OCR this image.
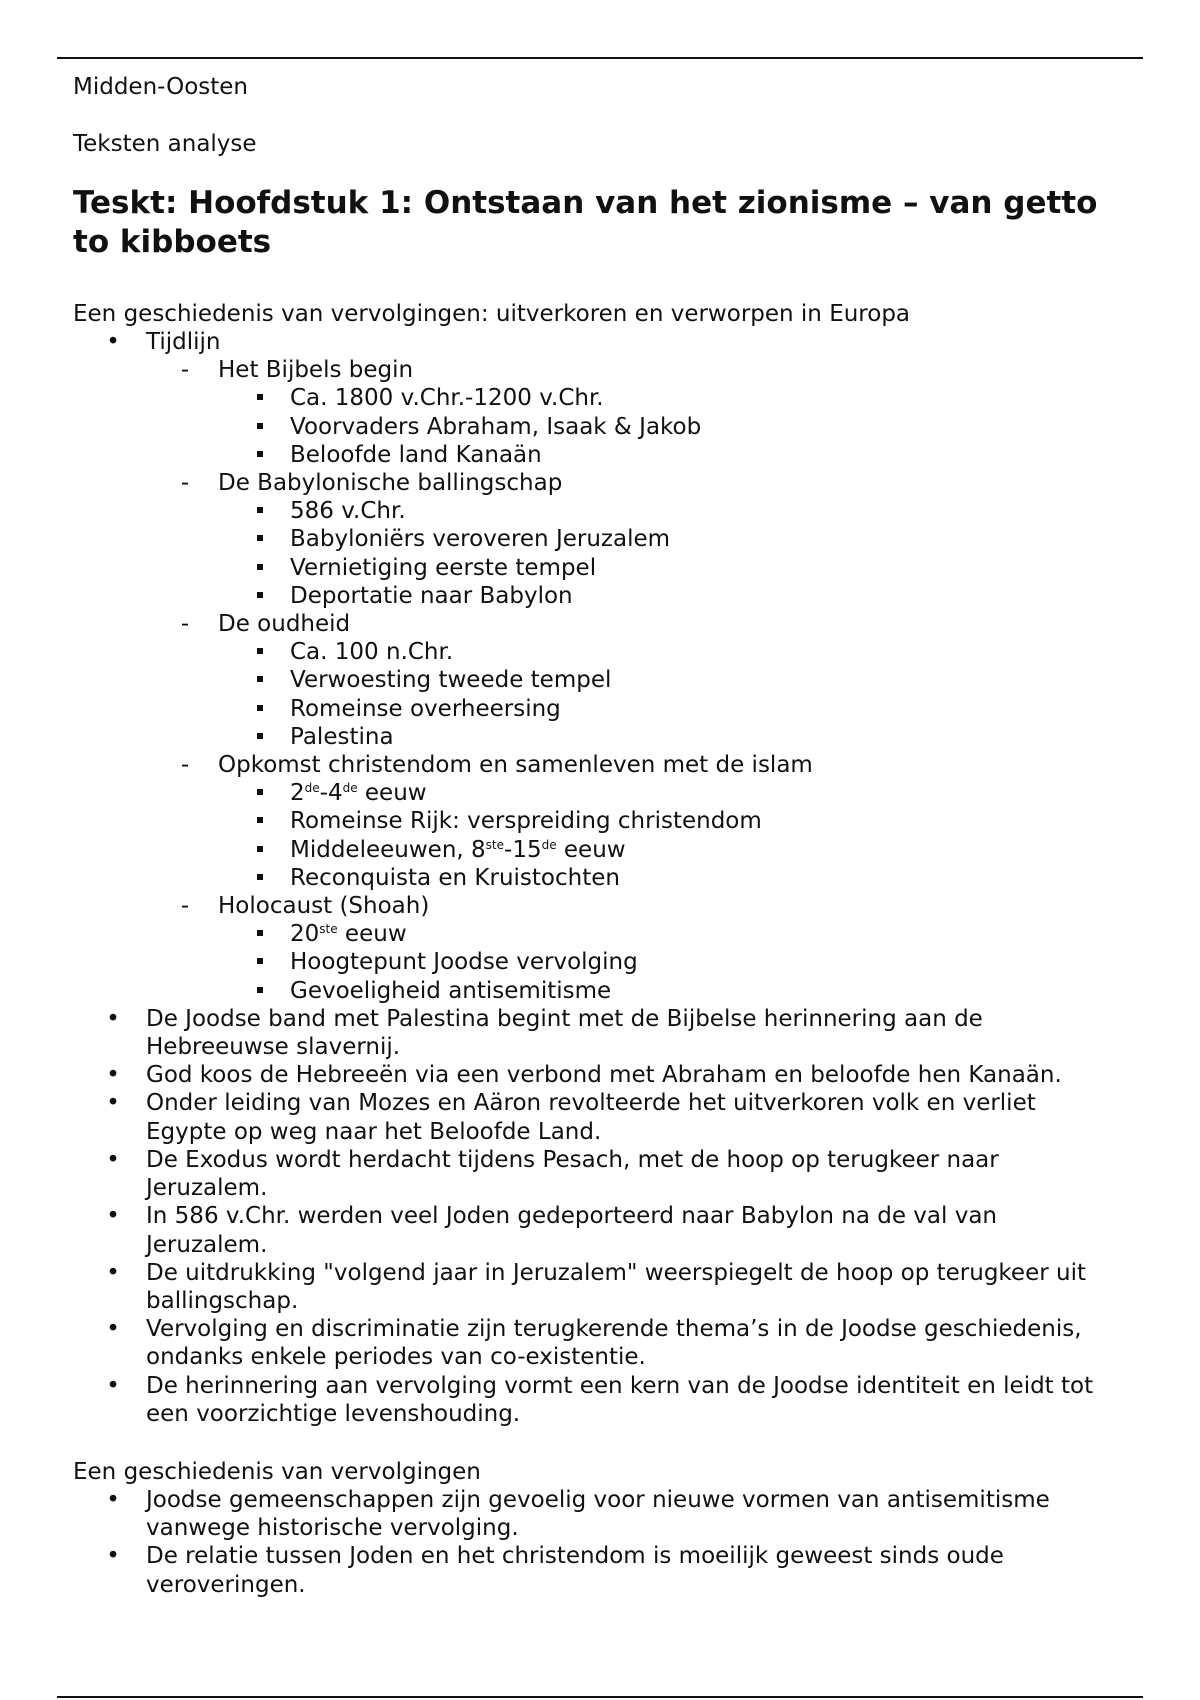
Midden-Oosten
Teksten analyse
Teskt: Hoofdstuk 1: Ontstaan van het zionisme – van getto to kibboets
Een geschiedenis van vervolgingen: uitverkoren en verworpen in Europa
•	Tijdlijn
-	Het Bijbels begin
Ca. 1800 v.Chr.-1200 v.Chr.
Voorvaders Abraham, Isaak & Jakob
Beloofde land Kanaän
-	De Babylonische ballingschap
586 v.Chr.
Babyloniërs veroveren Jeruzalem
Vernietiging eerste tempel
Deportatie naar Babylon
-	De oudheid
Ca. 100 n.Chr.
Verwoesting tweede tempel
Romeinse overheersing
Palestina
-	Opkomst christendom en samenleven met de islam
2de-4de eeuw
Romeinse Rijk: verspreiding christendom
Middeleeuwen, 8ste-15de eeuw
Reconquista en Kruistochten
-	Holocaust (Shoah)
20ste eeuw
Hoogtepunt Joodse vervolging
Gevoeligheid antisemitisme
•	De Joodse band met Palestina begint met de Bijbelse herinnering aan de Hebreeuwse slavernij.
•	God koos de Hebreeën via een verbond met Abraham en beloofde hen Kanaän.
•	Onder leiding van Mozes en Aäron revolteerde het uitverkoren volk en verliet Egypte op weg naar het Beloofde Land.
•	De Exodus wordt herdacht tijdens Pesach, met de hoop op terugkeer naar Jeruzalem.
•	In 586 v.Chr. werden veel Joden gedeporteerd naar Babylon na de val van Jeruzalem.
•	De uitdrukking "volgend jaar in Jeruzalem" weerspiegelt de hoop op terugkeer uit ballingschap.
•	Vervolging en discriminatie zijn terugkerende thema’s in de Joodse geschiedenis, ondanks enkele periodes van co-existentie.
•	De herinnering aan vervolging vormt een kern van de Joodse identiteit en leidt tot een voorzichtige levenshouding.
Een geschiedenis van vervolgingen
•	Joodse gemeenschappen zijn gevoelig voor nieuwe vormen van antisemitisme vanwege historische vervolging.
•	De relatie tussen Joden en het christendom is moeilijk geweest sinds oude veroveringen.
